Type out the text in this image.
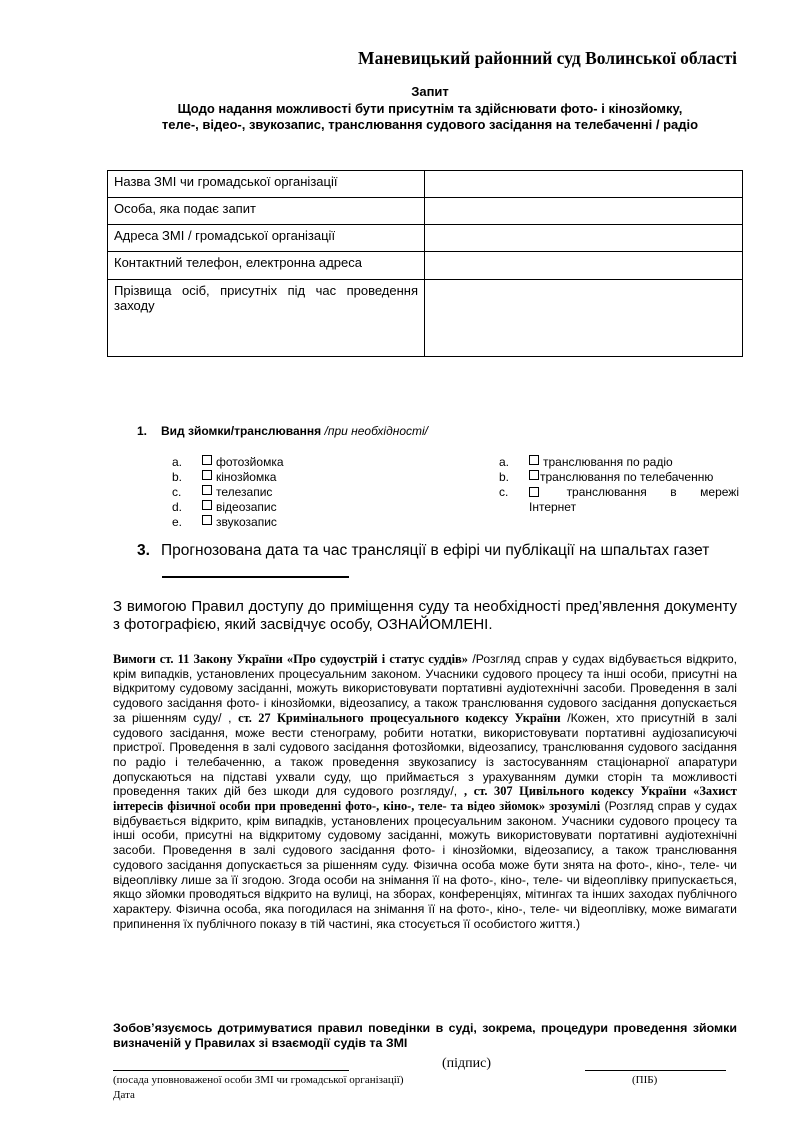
Маневицький районний суд Волинської області
Запит
Щодо надання можливості бути присутнім та здійснювати фото- і кінозйомку,
теле-, відео-, звукозапис, транслювання судового засідання на телебаченні / радіо
Назва ЗМІ чи громадської організації	
Особа, яка подає запит	
Адреса ЗМІ / громадської організації	
Контактний телефон, електронна адреса	
Прізвища осіб, присутніх під час проведення заходу	
1. Вид зйомки/транслювання /при необхідності/
a.	фотозйомка
b.	кінозйомка
c.	телезапис
d.	відеозапис
e.	звукозапис
a.	транслювання по радіо
b.	транслювання по телебаченню
c.	транслювання в мережі
Інтернет
3. Прогнозована дата та час трансляції в ефірі чи публікації на шпальтах газет
З вимогою Правил доступу до приміщення суду та необхідності пред’явлення документу з фотографією, який засвідчує особу, ОЗНАЙОМЛЕНІ.
Вимоги ст. 11 Закону України «Про судоустрій і статус суддів» /Розгляд справ у судах відбувається відкрито, крім випадків, установлених процесуальним законом. Учасники судового процесу та інші особи, присутні на відкритому судовому засіданні, можуть використовувати портативні аудіотехнічні засоби. Проведення в залі судового засідання фото- і кінозйомки, відеозапису, а також транслювання судового засідання допускається за рішенням суду/ , ст. 27 Кримінального процесуального кодексу України /Кожен, хто присутній в залі судового засідання, може вести стенограму, робити нотатки, використовувати портативні аудіозаписуючі пристрої. Проведення в залі судового засідання фотозйомки, відеозапису, транслювання судового засідання по радіо і телебаченню, а також проведення звукозапису із застосуванням стаціонарної апаратури допускаються на підставі ухвали суду, що приймається з урахуванням думки сторін та можливості проведення таких дій без шкоди для судового розгляду/, , ст. 307 Цивільного кодексу України «Захист інтересів фізичної особи при проведенні фото-, кіно-, теле- та відео зйомок» зрозумілі (Розгляд справ у судах відбувається відкрито, крім випадків, установлених процесуальним законом. Учасники судового процесу та інші особи, присутні на відкритому судовому засіданні, можуть використовувати портативні аудіотехнічні засоби. Проведення в залі судового засідання фото- і кінозйомки, відеозапису, а також транслювання судового засідання допускається за рішенням суду. Фізична особа може бути знята на фото-, кіно-, теле- чи відеоплівку лише за її згодою. Згода особи на знімання її на фото-, кіно-, теле- чи відеоплівку припускається, якщо зйомки проводяться відкрито на вулиці, на зборах, конференціях, мітингах та інших заходах публічного характеру. Фізична особа, яка погодилася на знімання її на фото-, кіно-, теле- чи відеоплівку, може вимагати припинення їх публічного показу в тій частині, яка стосується її особистого життя.)
Зобов’язуємось дотримуватися правил поведінки в суді, зокрема, процедури проведення зйомки визначеній у Правилах зі взаємодії судів та ЗМІ
(підпис)
(посада уповноваженої особи ЗМІ чи громадської організації)	(ПІБ)
Дата
